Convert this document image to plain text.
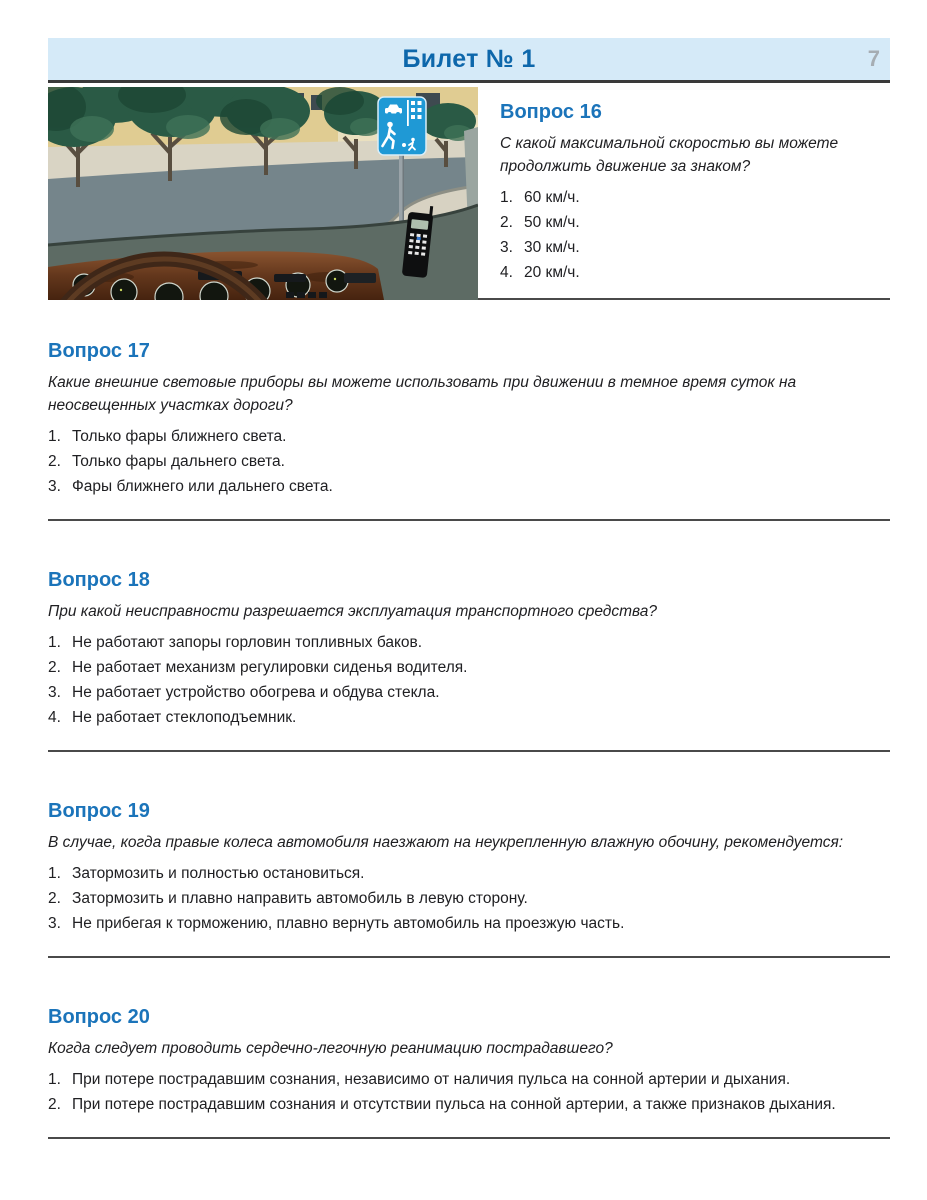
Билет № 1	7
Вопрос 16
С какой максимальной скоростью вы можете продолжить движение за знаком?
60 км/ч.
50 км/ч.
30 км/ч.
20 км/ч.
Вопрос 17
Какие внешние световые приборы вы можете использовать при движении в темное время суток на неосвещенных участках дороги?
Только фары ближнего света.
Только фары дальнего света.
Фары ближнего или дальнего света.
Вопрос 18
При какой неисправности разрешается эксплуатация транспортного средства?
Не работают запоры горловин топливных баков.
Не работает механизм регулировки сиденья водителя.
Не работает устройство обогрева и обдува стекла.
Не работает стеклоподъемник.
Вопрос 19
В случае, когда правые колеса автомобиля наезжают на неукрепленную влажную обочину, рекомендуется:
Затормозить и полностью остановиться.
Затормозить и плавно направить автомобиль в левую сторону.
Не прибегая к торможению, плавно вернуть автомобиль на проезжую часть.
Вопрос 20
Когда следует проводить сердечно-легочную реанимацию пострадавшего?
При потере пострадавшим сознания, независимо от наличия пульса на сонной артерии и дыхания.
При потере пострадавшим сознания и отсутствии пульса на сонной артерии, а также признаков дыхания.
